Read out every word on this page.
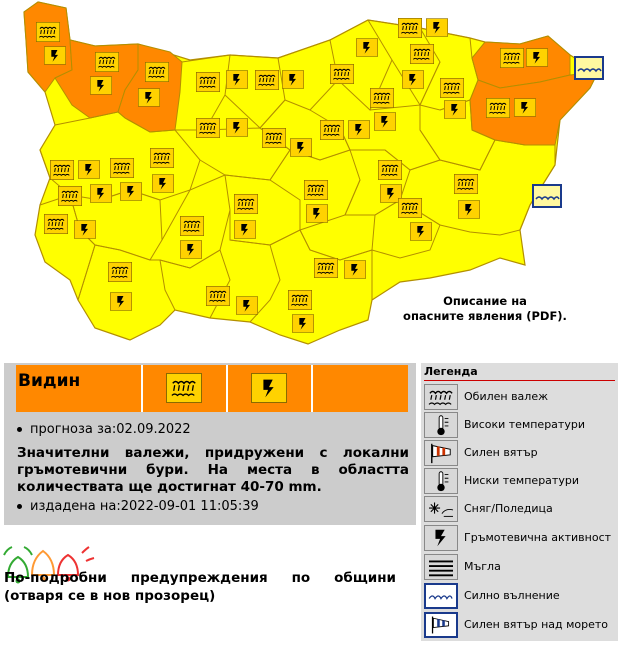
Описание на
опасните явления (PDF).
Видин
прогноза за:02.09.2022
Значителни валежи, придружени с локални гръмотевични бури. На места в областта количествата ще достигнат 40-70 mm.
издадена на:2022-09-01 11:05:39
По-подробни предупреждения по общини (отваря се в нов прозорец)
Легенда
Обилен валеж
Високи температури
Силен вятър
Ниски температури
Сняг/Поледица
Гръмотевична активност
Мъгла
Силно вълнение
Силен вятър над морето
